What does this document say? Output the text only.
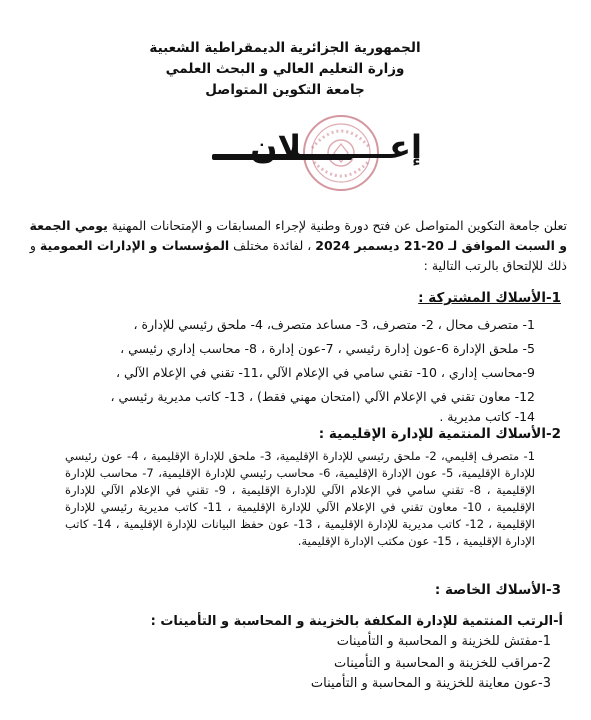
الجمهورية الجزائرية الديمقراطية الشعبية
وزارة التعليم العالي و البحث العلمي
جامعة التكوين المتواصل
إعــــــــلان
تعلن جامعة التكوين المتواصل عن فتح دورة وطنية لإجراء المسابقات و الإمتحانات المهنية يومي الجمعة و السبت الموافق لـ 20-21 ديسمبر 2024 ، لفائدة مختلف المؤسسات و الإدارات العمومية و ذلك للإلتحاق بالرتب التالية :
1-الأسلاك المشتركة :
1- متصرف محال ، 2- متصرف، 3- مساعد متصرف، 4- ملحق رئيسي للإدارة ،
5- ملحق الإدارة 6-عون إدارة رئيسي ، 7-عون إدارة ، 8- محاسب إداري رئيسي ،
9-محاسب إداري ، 10- تقني سامي في الإعلام الآلي ،11- تقني في الإعلام الآلي ،
12- معاون تقني في الإعلام الآلي (امتحان مهني فقط) ، 13- كاتب مديرية رئيسي ،
14- كاتب مديرية .
2-الأسلاك المنتمية للإدارة الإقليمية :
1- متصرف إقليمي، 2- ملحق رئيسي للإدارة الإقليمية، 3- ملحق للإدارة الإقليمية ، 4- عون رئيسي للإدارة الإقليمية، 5- عون الإدارة الإقليمية، 6- محاسب رئيسي للإدارة الإقليمية، 7- محاسب للإدارة الإقليمية ، 8- تقني سامي في الإعلام الآلي للإدارة الإقليمية ، 9- تقني في الإعلام الآلي للإدارة الإقليمية ، 10- معاون تقني في الإعلام الآلي للإدارة الإقليمية ، 11- كاتب مديرية رئيسي للإدارة الإقليمية ، 12- كاتب مديرية للإدارة الإقليمية ، 13- عون حفظ البيانات للإدارة الإقليمية ، 14- كاتب الإدارة الإقليمية ، 15- عون مكتب الإدارة الإقليمية.
3-الأسلاك الخاصة :
أ-الرتب المنتمية للإدارة المكلفة بالخزينة و المحاسبة و التأمينات :
1-مفتش للخزينة و المحاسبة و التأمينات
2-مراقب للخزينة و المحاسبة و التأمينات
3-عون معاينة للخزينة و المحاسبة و التأمينات
